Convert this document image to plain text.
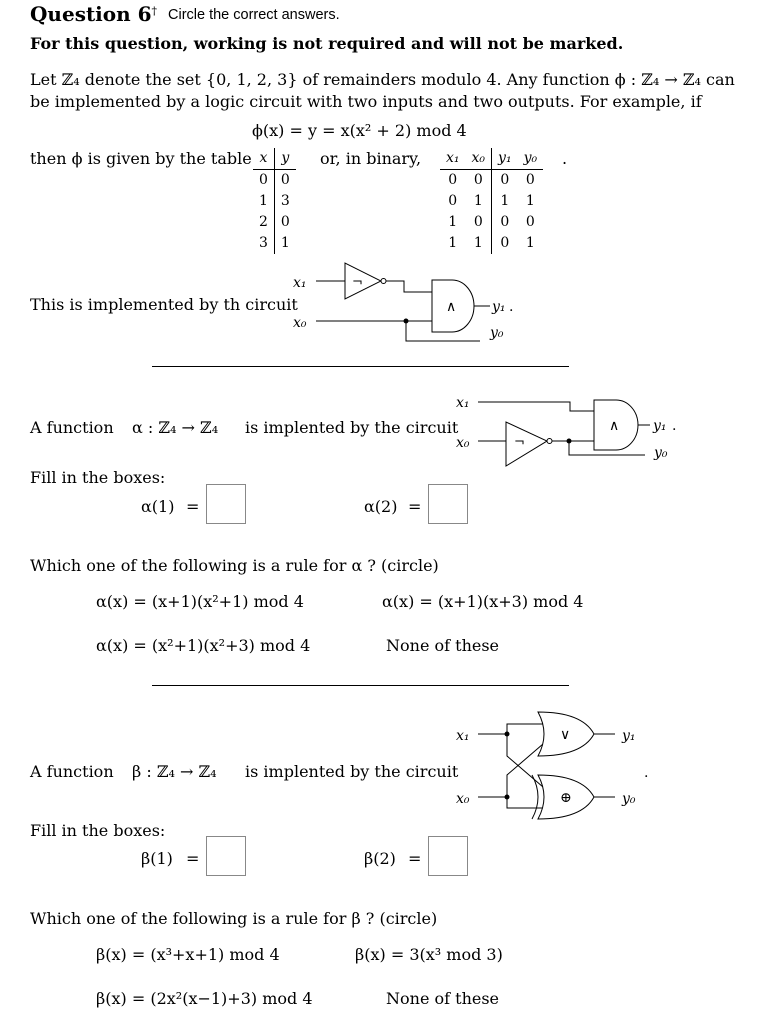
Question 6† Circle the correct answers.
For this question, working is not required and will not be marked.
Let ℤ₄ denote the set {0, 1, 2, 3} of remainders modulo 4. Any function ϕ : ℤ₄ → ℤ₄ can
be implemented by a logic circuit with two inputs and two outputs. For example, if
ϕ(x) = y = x(x² + 2) mod 4
then ϕ is given by the table	or, in binary,
x	y
0	0
1	3
2	0
3	1
x₁	x₀	y₁	y₀
0	0	0	0
0	1	1	1
1	0	0	0
1	1	0	1
.
This is implemented by th circuit
x₁
x₀
¬
∧	y₁ .
y₀
A function α : ℤ₄ → ℤ₄ is implented by the circuit
x₁
x₀	¬
∧ y₁ .
y₀
Fill in the boxes:
α(1) =	α(2) =
Which one of the following is a rule for α ? (circle)
α(x) = (x+1)(x²+1) mod 4	α(x) = (x+1)(x+3) mod 4
α(x) = (x²+1)(x²+3) mod 4	None of these
A function β : ℤ₄ → ℤ₄ is implented by the circuit
x₁
x₀
∨
⊕
y₁
.
y₀
Fill in the boxes:
β(1) =	β(2) =
Which one of the following is a rule for β ? (circle)
β(x) = (x³+x+1) mod 4	β(x) = 3(x³ mod 3)
β(x) = (2x²(x−1)+3) mod 4	None of these
